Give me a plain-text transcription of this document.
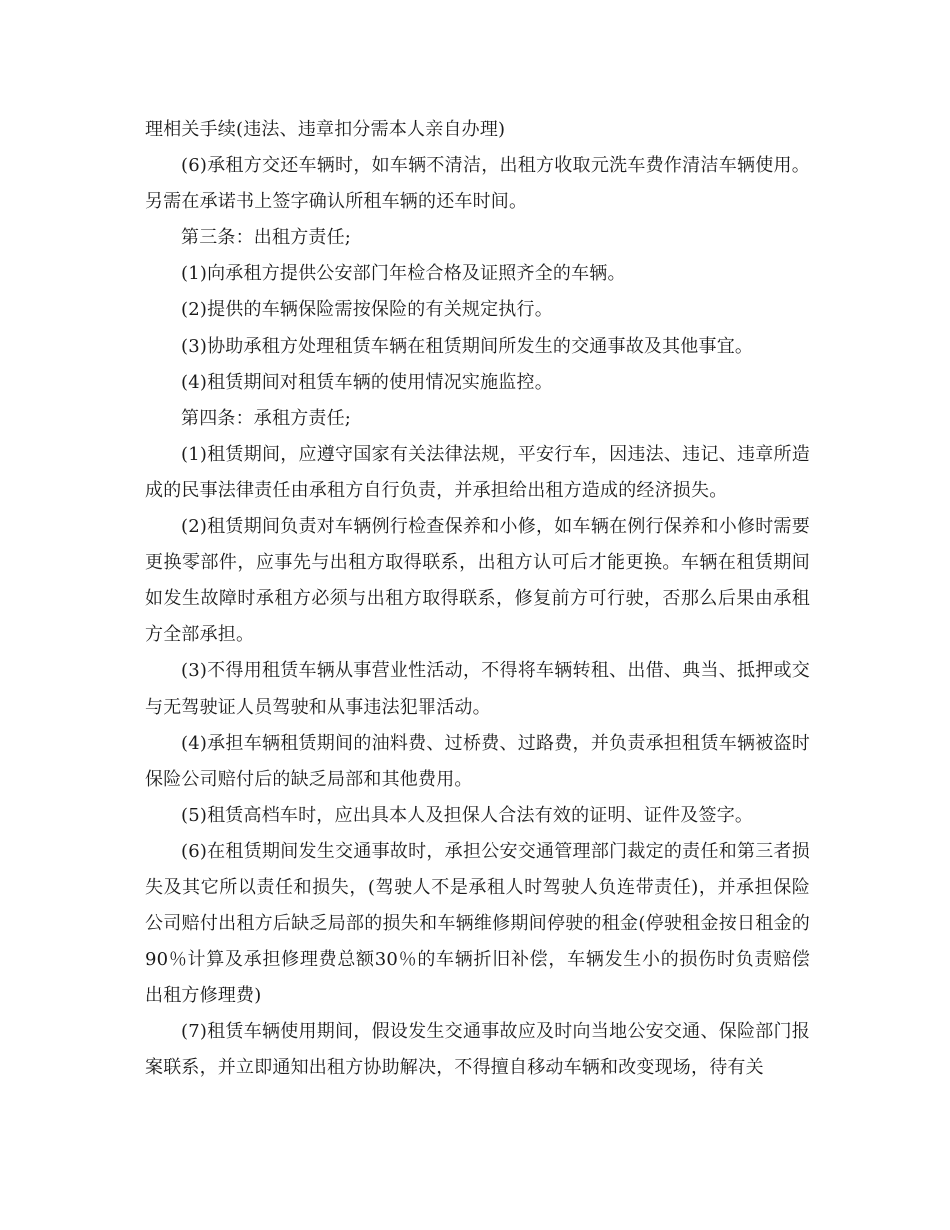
理相关手续(违法、违章扣分需本人亲自办理)

(6)承租方交还车辆时，如车辆不清洁，出租方收取元洗车费作清洁车辆使用。另需在承诺书上签字确认所租车辆的还车时间。

第三条：出租方责任;

(1)向承租方提供公安部门年检合格及证照齐全的车辆。

(2)提供的车辆保险需按保险的有关规定执行。

(3)协助承租方处理租赁车辆在租赁期间所发生的交通事故及其他事宜。

(4)租赁期间对租赁车辆的使用情况实施监控。

第四条：承租方责任;

(1)租赁期间，应遵守国家有关法律法规，平安行车，因违法、违记、违章所造成的民事法律责任由承租方自行负责，并承担给出租方造成的经济损失。

(2)租赁期间负责对车辆例行检查保养和小修，如车辆在例行保养和小修时需要更换零部件，应事先与出租方取得联系，出租方认可后才能更换。车辆在租赁期间如发生故障时承租方必须与出租方取得联系，修复前方可行驶，否那么后果由承租方全部承担。

(3)不得用租赁车辆从事营业性活动，不得将车辆转租、出借、典当、抵押或交与无驾驶证人员驾驶和从事违法犯罪活动。

(4)承担车辆租赁期间的油料费、过桥费、过路费，并负责承担租赁车辆被盗时保险公司赔付后的缺乏局部和其他费用。

(5)租赁高档车时，应出具本人及担保人合法有效的证明、证件及签字。

(6)在租赁期间发生交通事故时，承担公安交通管理部门裁定的责任和第三者损失及其它所以责任和损失，(驾驶人不是承租人时驾驶人负连带责任)，并承担保险公司赔付出租方后缺乏局部的损失和车辆维修期间停驶的租金(停驶租金按日租金的90％计算及承担修理费总额30％的车辆折旧补偿，车辆发生小的损伤时负责赔偿出租方修理费)

(7)租赁车辆使用期间，假设发生交通事故应及时向当地公安交通、保险部门报案联系，并立即通知出租方协助解决，不得擅自移动车辆和改变现场，待有关
